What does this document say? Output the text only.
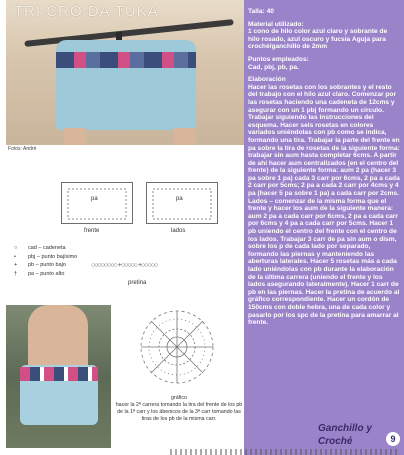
TRI CRO DA TUKA
Fotos: André
pa	pa
frente	lados
○ cad – cadeneta
• pbj – punto bajísimo
+ pb – punto bajo
† pa – punto alto
○○○○○○○○ +○○○○○ +○○○○○
pretina
gráfico
hacer la 2ª carrera tomando la tira del frente de los pb de la 1ª carr y los ábenicos de la 3ª carr tomando las tiras de los pb de la misma carr.

Talla: 40

Material utilizado:
1 cono de hilo color azul claro y sobrante de hilo rosado, azul oscuro y fucsia Aguja para croché/ganchillo de 2mm

Puntos empleados:
Cad, pbj, pb, pa.

Elaboración
Hacer las rosetas con los sobrantes y el resto del trabajo con el hilo azul claro. Comenzar por las rosetas haciendo una cadeneta de 12cms y asegurar con un 1 pbj formando un círculo. Trabajar siguiendo las instrucciones del esquema. Hacer seis rosetas en colores variados uniéndolas con pb como se indica, formando una tira. Trabajar la parte del frente en pa sobre la tira de rosetas de la siguiente forma: trabajar sin aum hasta completar 6cms. A partir de ahí hacer aum centralizados (en el centro del frente) de la siguiente forma: aum 2 pa (hacer 3 pa sobre 1 pa) cada 3 carr por 6cms, 2 pa a cada 2 carr por 5cms; 2 pa a cada 2 carr por 4cms y 4 pa (hacer 5 pa sobre 1 pa) a cada carr por 2cms. Lados – comenzar de la misma forma que el frente y hacer los aum de la siguiente manera: aum 2 pa a cada carr por 6cms, 2 pa a cada carr por 6cms y 4 pa a cada carr por 5cms. Hacer 1 pb uniendo el centro del frente con el centro de los lados. Trabajar 3 carr de pa sin aum o dism, sobre los p de cada lado por separado, formando las piernas y manteniendo las aberturas laterales. Hacer 5 rosetas más a cada lado uniéndolas con pb durante la elaboración de la última carrera (uniendo el frente y los lados asegurando lateralmente). Hacer 1 carr de pb en las piernas. Hacer la pretina de acuerdo al gráfico correspondiente. Hacer un cordón de 150cms con doble hebra, una de cada color y pasarlo por los spc de la pretina para amarrar al frente.

Ganchillo y
Croché	9
